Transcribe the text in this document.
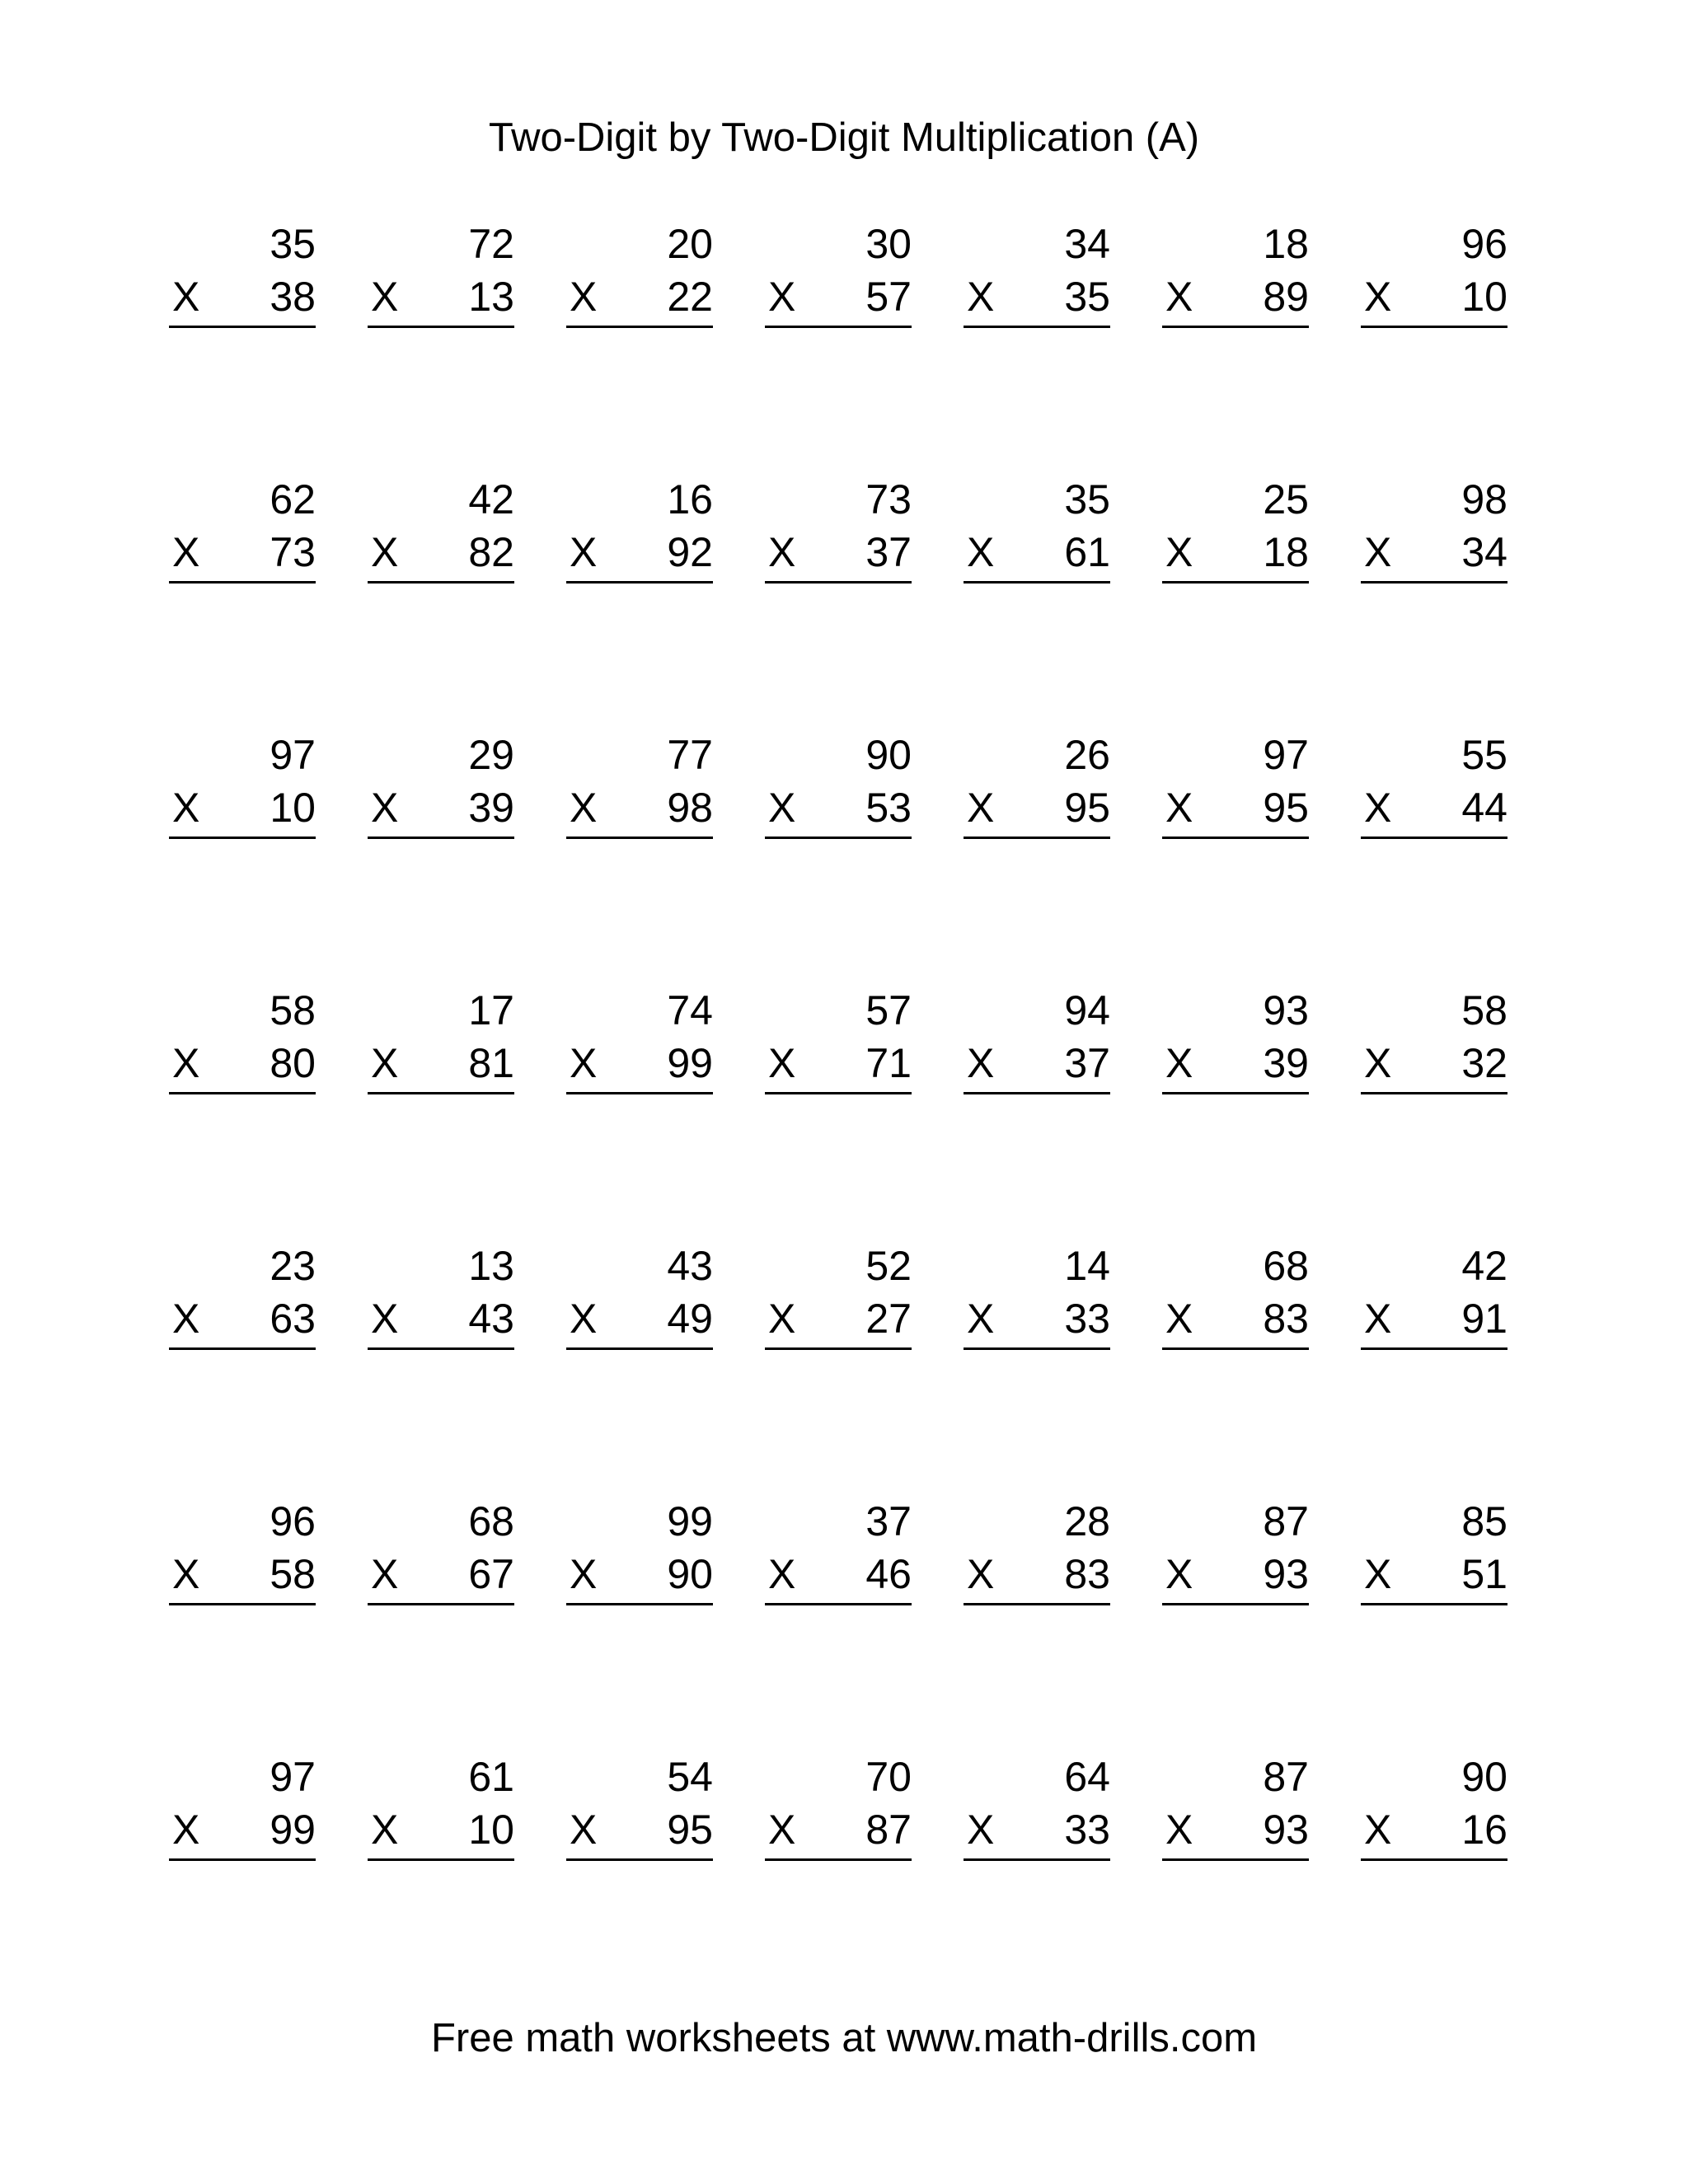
Two-Digit by Two-Digit Multiplication (A)
35
X 38
72
X 13
20
X 22
30
X 57
34
X 35
18
X 89
96
X 10
62
X 73
42
X 82
16
X 92
73
X 37
35
X 61
25
X 18
98
X 34
97
X 10
29
X 39
77
X 98
90
X 53
26
X 95
97
X 95
55
X 44
58
X 80
17
X 81
74
X 99
57
X 71
94
X 37
93
X 39
58
X 32
23
X 63
13
X 43
43
X 49
52
X 27
14
X 33
68
X 83
42
X 91
96
X 58
68
X 67
99
X 90
37
X 46
28
X 83
87
X 93
85
X 51
97
X 99
61
X 10
54
X 95
70
X 87
64
X 33
87
X 93
90
X 16
Free math worksheets at www.math-drills.com
